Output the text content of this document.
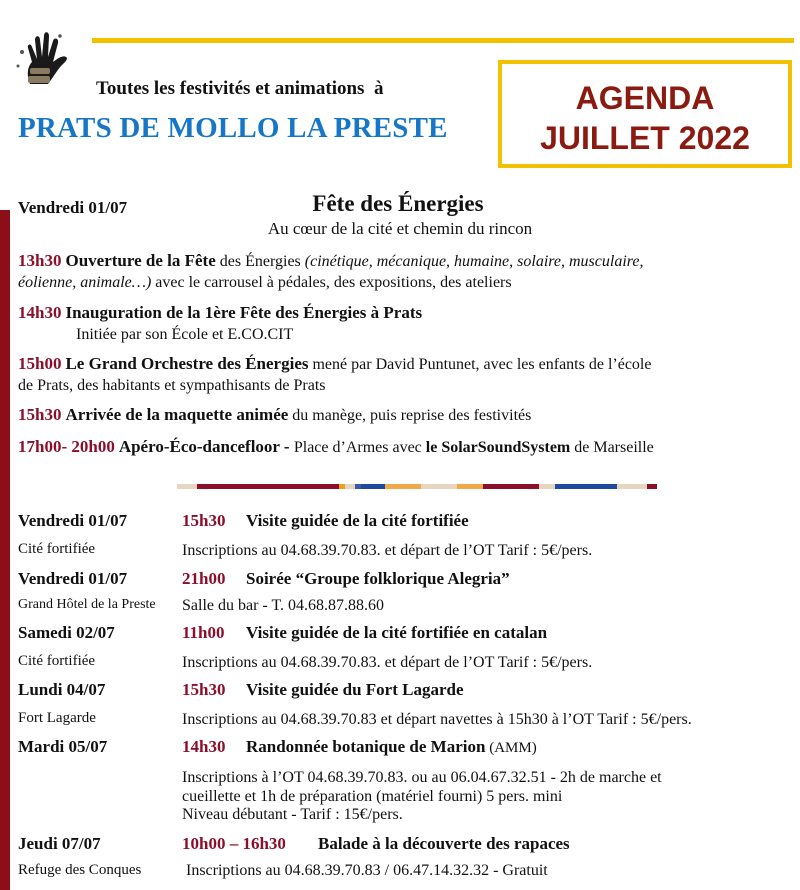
Toutes les festivités et animations  à
PRATS DE MOLLO LA PRESTE
AGENDA
JUILLET 2022
Vendredi 01/07	Fête des Énergies
Au cœur de la cité et chemin du rincon
13h30 Ouverture de la Fête des Énergies (cinétique, mécanique, humaine, solaire, musculaire,
éolienne, animale…) avec le carrousel à pédales, des expositions, des ateliers
14h30 Inauguration de la 1ère Fête des Énergies à Prats
Initiée par son École et E.CO.CIT
15h00 Le Grand Orchestre des Énergies mené par David Puntunet, avec les enfants de l’école
de Prats, des habitants et sympathisants de Prats
15h30 Arrivée de la maquette animée du manège, puis reprise des festivités
17h00- 20h00 Apéro-Éco-dancefloor - Place d’Armes avec le SolarSoundSystem de Marseille
Vendredi 01/07	15h30 Visite guidée de la cité fortifiée
Cité fortifiée	Inscriptions au 04.68.39.70.83. et départ de l’OT Tarif : 5€/pers.
Vendredi 01/07	21h00 Soirée “Groupe folklorique Alegria”
Grand Hôtel de la Preste Salle du bar - T. 04.68.87.88.60
Samedi 02/07	11h00 Visite guidée de la cité fortifiée en catalan
Cité fortifiée	Inscriptions au 04.68.39.70.83. et départ de l’OT Tarif : 5€/pers.
Lundi 04/07	15h30 Visite guidée du Fort Lagarde
Fort Lagarde	Inscriptions au 04.68.39.70.83 et départ navettes à 15h30 à l’OT Tarif : 5€/pers.
Mardi 05/07	14h30 Randonnée botanique de Marion (AMM)
Inscriptions à l’OT 04.68.39.70.83. ou au 06.04.67.32.51 - 2h de marche et
cueillette et 1h de préparation (matériel fourni) 5 pers. mini
Niveau débutant - Tarif : 15€/pers.
Jeudi 07/07	10h00 – 16h30 Balade à la découverte des rapaces
Refuge des Conques	Inscriptions au 04.68.39.70.83 / 06.47.14.32.32 - Gratuit
